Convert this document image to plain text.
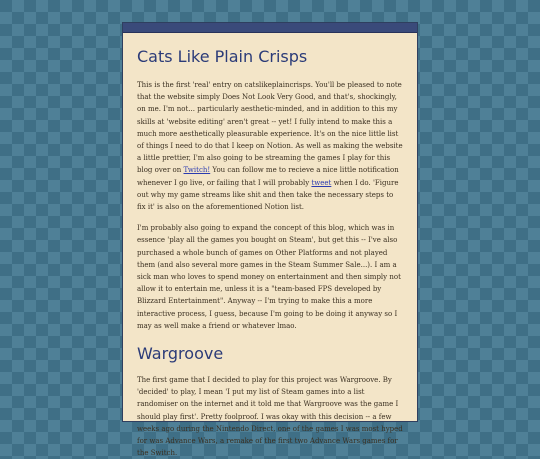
Cats Like Plain Crisps

This is the first 'real' entry on catslikeplaincrisps. You'll be pleased to note that the website simply Does Not Look Very Good, and that's, shockingly, on me. I'm not... particularly aesthetic-minded, and in addition to this my skills at 'website editing' aren't great -- yet! I fully intend to make this a much more aesthetically pleasurable experience. It's on the nice little list of things I need to do that I keep on Notion. As well as making the website a little prettier, I'm also going to be streaming the games I play for this blog over on Twitch! You can follow me to recieve a nice little notification whenever I go live, or failing that I will probably tweet when I do. 'Figure out why my game streams like shit and then take the necessary steps to fix it' is also on the aforementioned Notion list.

I'm probably also going to expand the concept of this blog, which was in essence 'play all the games you bought on Steam', but get this -- I've also purchased a whole bunch of games on Other Platforms and not played them (and also several more games in the Steam Summer Sale...). I am a sick man who loves to spend money on entertainment and then simply not allow it to entertain me, unless it is a "team-based FPS developed by Blizzard Entertainment". Anyway -- I'm trying to make this a more interactive process, I guess, because I'm going to be doing it anyway so I may as well make a friend or whatever lmao.

Wargroove

The first game that I decided to play for this project was Wargroove. By 'decided' to play, I mean 'I put my list of Steam games into a list randomiser on the internet and it told me that Wargroove was the game I should play first'. Pretty foolproof. I was okay with this decision -- a few weeks ago during the Nintendo Direct, one of the games I was most hyped for was Advance Wars, a remake of the first two Advance Wars games for the Switch.
